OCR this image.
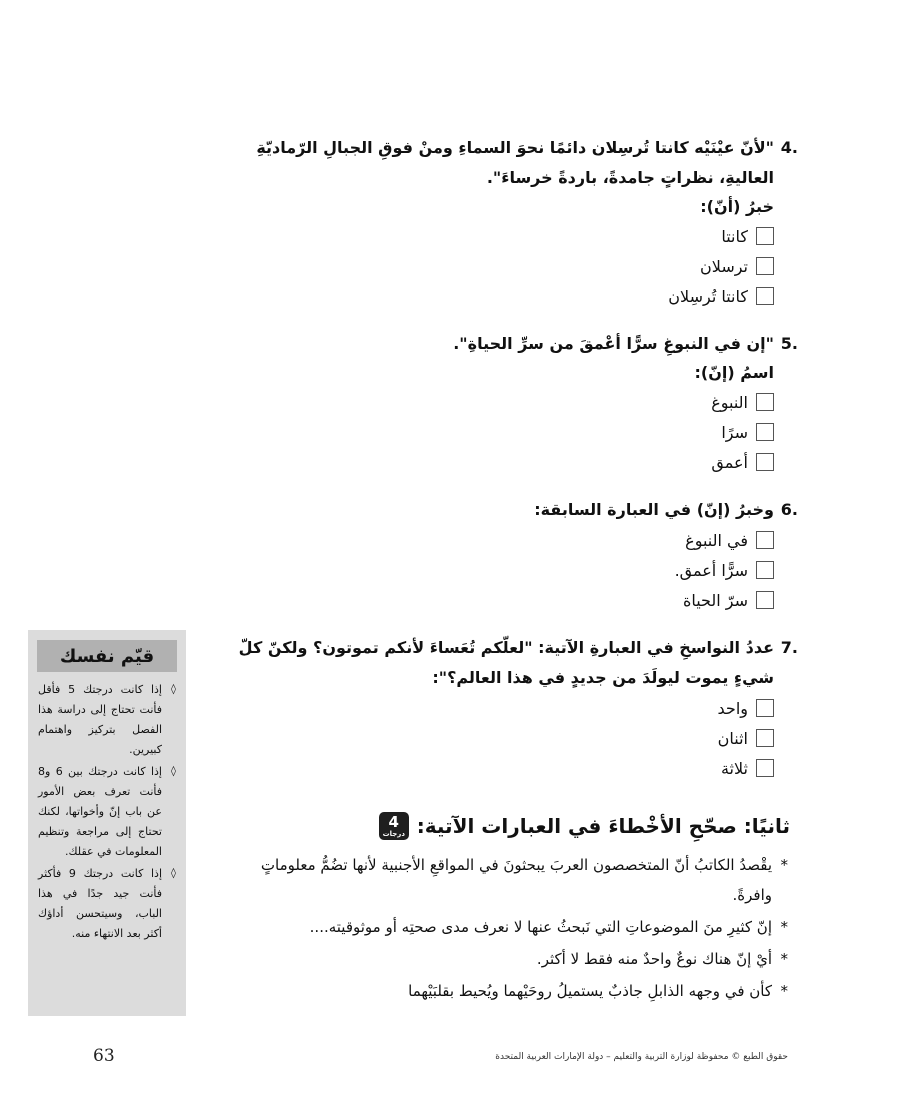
.4
"لأنّ عيْنَيْه كانتا تُرسِلان دائمًا نحوَ السماءِ ومنْ فوقِ الجبالِ الرّماديّةِ العاليةِ، نظراتٍ جامدةً، باردةً خرساءَ".
خبرُ (أنّ):
كانتا
ترسلان
كانتا تُرسِلان
.5
"إن في النبوغِ سرًّا أعْمقَ من سرِّ الحياةِ".
اسمُ (إنّ):
النبوغ
سرًا
أعمق
.6
وخبرُ (إنّ) في العبارة السابقة:
في النبوغ
سرًّا أعمق.
سرّ الحياة
.7
عددُ النواسخِ في العبارةِ الآتية: "لعلّكم تُعَساءَ لأنكم تموتون؟ ولكنّ كلّ شيءٍ يموت ليولَدَ من جديدٍ في هذا العالم؟":
واحد
اثنان
ثلاثة
ثانيًا: صحّحِ الأخْطاءَ في العبارات الآتية:
4
درجات
*
يقْصدُ الكاتبُ أنّ المتخصصون العربَ يبحثونَ في المواقعِ الأجنبية لأنها تضُمُّ معلوماتٍ وافرةً.
*
إنّ كثيرِ منَ الموضوعاتِ التي نَبحثُ عنها لا نعرف مدى صحتِه أو موثوقيته....
*
أيْ إنّ هناك نوعٌ واحدٌ منه فقط لا أكثر.
*
كأن في وجهه الذابلِ جاذبٌ يستميلُ روحَيْهما ويُحيط بقلبَيْهما
قيّم نفسك
◊
إذا كانت درجتك 5 فأقل فأنت تحتاج إلى دراسة هذا الفصل بتركيز واهتمام كبيرين.
◊
إذا كانت درجتك بين 6 و8 فأنت تعرف بعض الأمور عن باب إنّ وأخواتها، لكنك تحتاج إلى مراجعة وتنظيم المعلومات في عقلك.
◊
إذا كانت درجتك 9 فأكثر فأنت جيد جدًا في هذا الباب، وسيتحسن أداؤك أكثر بعد الانتهاء منه.
حقوق الطبع © محفوظة لوزارة التربية والتعليم – دولة الإمارات العربية المتحدة
63
